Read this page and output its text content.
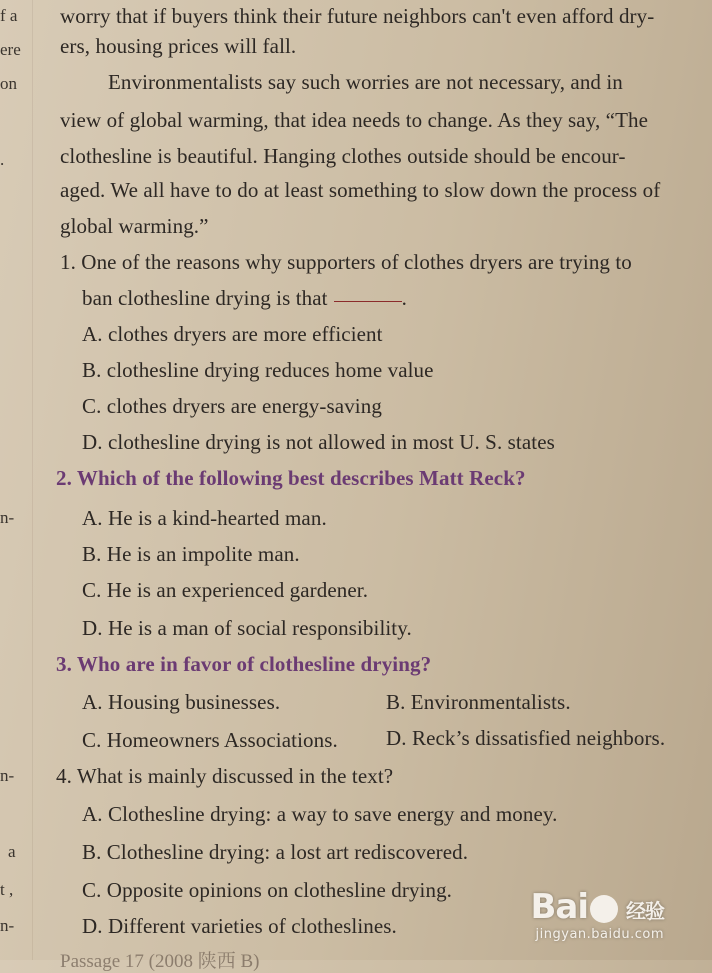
f a
ere
on
.
n-
n-
a
t ,
n-
worry that if buyers think their future neighbors can't even afford dry-
ers, housing prices will fall.
Environmentalists say such worries are not necessary, and in
view of global warming, that idea needs to change. As they say, “The
clothesline is beautiful. Hanging clothes outside should be encour-
aged. We all have to do at least something to slow down the process of
global warming.”
1. One of the reasons why supporters of clothes dryers are trying to
ban clothesline drying is that	.
A. clothes dryers are more efficient
B. clothesline drying reduces home value
C. clothes dryers are energy-saving
D. clothesline drying is not allowed in most U. S. states
2. Which of the following best describes Matt Reck?
A. He is a kind-hearted man.
B. He is an impolite man.
C. He is an experienced gardener.
D. He is a man of social responsibility.
3. Who are in favor of clothesline drying?
A. Housing businesses.	B. Environmentalists.
C. Homeowners Associations. D. Reck’s dissatisfied neighbors.
4. What is mainly discussed in the text?
A. Clothesline drying: a way to save energy and money.
B. Clothesline drying: a lost art rediscovered.
C. Opposite opinions on clothesline drying.
D. Different varieties of clotheslines.
Passage 17 (2008 陕西 B)
Bai 经验
jingyan.baidu.com
